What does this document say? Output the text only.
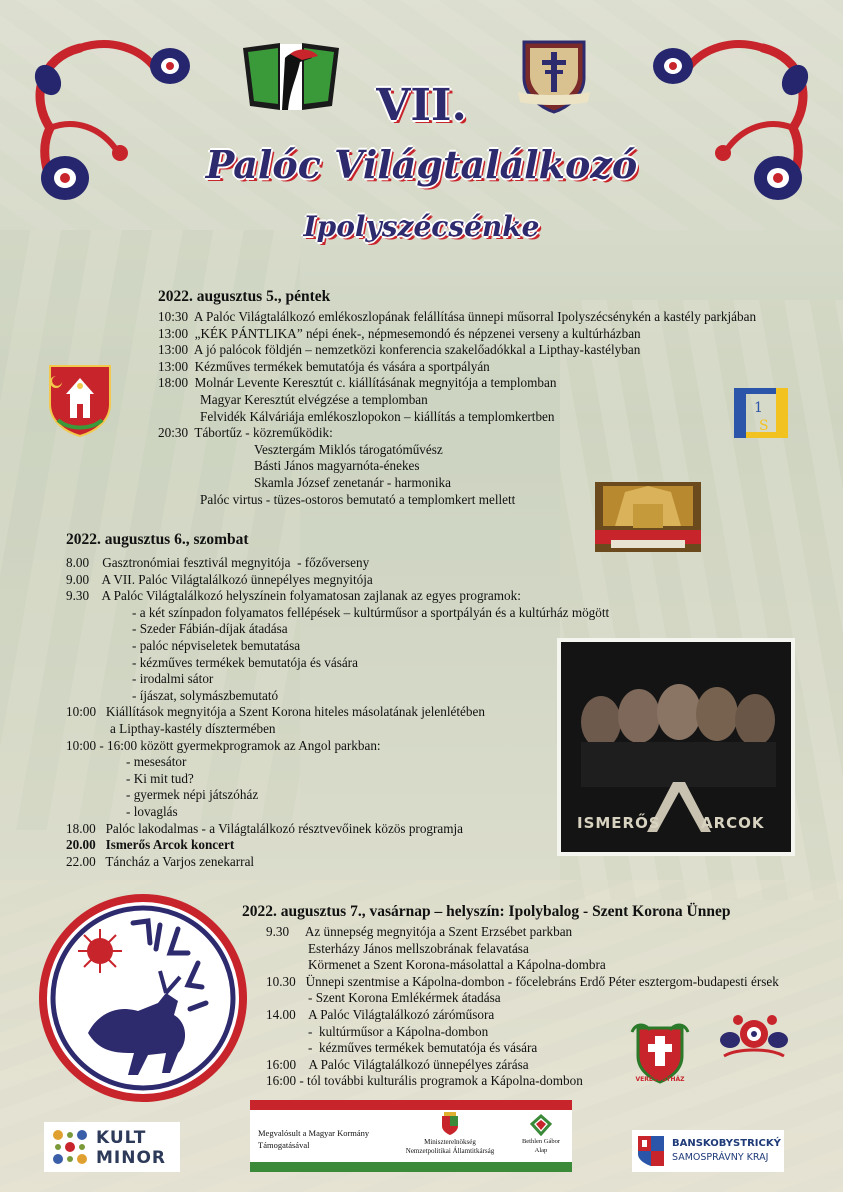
VII.
Palóc Világtalálkozó
Ipolyszécsénke
1
S
2022. augusztus 5., péntek
10:30  A Palóc Világtalálkozó emlékoszlopának felállítása ünnepi műsorral Ipolyszécsénykén a kastély parkjában
13:00  „KÉK PÁNTLIKA” népi ének-, népmesemondó és népzenei verseny a kultúrházban
13:00  A jó palócok földjén – nemzetközi konferencia szakelőadókkal a Lipthay-kastélyban
13:00  Kézműves termékek bemutatója és vására a sportpályán
18:00  Molnár Levente Keresztút c. kiállításának megnyitója a templomban
Magyar Keresztút elvégzése a templomban
Felvidék Kálváriája emlékoszlopokon – kiállítás a templomkertben
20:30  Tábortűz - közreműködik:
Vesztergám Miklós tárogatóművész
Básti János magyarnóta-énekes
Skamla József zenetanár - harmonika
Palóc virtus - tüzes-ostoros bemutató a templomkert mellett
2022. augusztus 6., szombat
8.00    Gasztronómiai fesztivál megnyitója  - főzőverseny
9.00    A VII. Palóc Világtalálkozó ünnepélyes megnyitója
9.30    A Palóc Világtalálkozó helyszínein folyamatosan zajlanak az egyes programok:
- a két színpadon folyamatos fellépések – kultúrműsor a sportpályán és a kultúrház mögött
- Szeder Fábián-díjak átadása
- palóc népviseletek bemutatása
- kézműves termékek bemutatója és vására
- irodalmi sátor
- íjászat, solymászbemutató
10:00   Kiállítások megnyitója a Szent Korona hiteles másolatának jelenlétében
a Lipthay-kastély dísztermében
10:00 - 16:00 között gyermekprogramok az Angol parkban:
- mesesátor
- Ki mit tud?
- gyermek népi játszóház
- lovaglás
18.00   Palóc lakodalmas - a Világtalálkozó résztvevőinek közös programja
20.00   Ismerős Arcok koncert
22.00   Táncház a Varjos zenekarral
ISMERŐS	ARCOK
2022. augusztus 7., vasárnap – helyszín: Ipolybalog - Szent Korona Ünnep
9.30     Az ünnepség megnyitója a Szent Erzsébet parkban
Esterházy János mellszobrának felavatása
Körmenet a Szent Korona-másolattal a Kápolna-dombra
10.30   Ünnepi szentmise a Kápolna-dombon - főcelebráns Erdő Péter esztergom-budapesti érsek
- Szent Korona Emlékérmek átadása
14.00    A Palóc Világtalálkozó záróműsora
-  kultúrműsor a Kápolna-dombon
-  kézműves termékek bemutatója és vására
16:00    A Palóc Világtalálkozó ünnepélyes zárása
16:00 - tól további kulturális programok a Kápolna-dombon	VERESEGYHÁZ
KULT
MINOR
Megvalósult a Magyar Kormány
Támogatásával	Miniszterelnökség
Nemzetpolitikai Államtitkárság
Bethlen Gábor
Alap
BANSKOBYSTRICKÝ
SAMOSPRÁVNY KRAJ
